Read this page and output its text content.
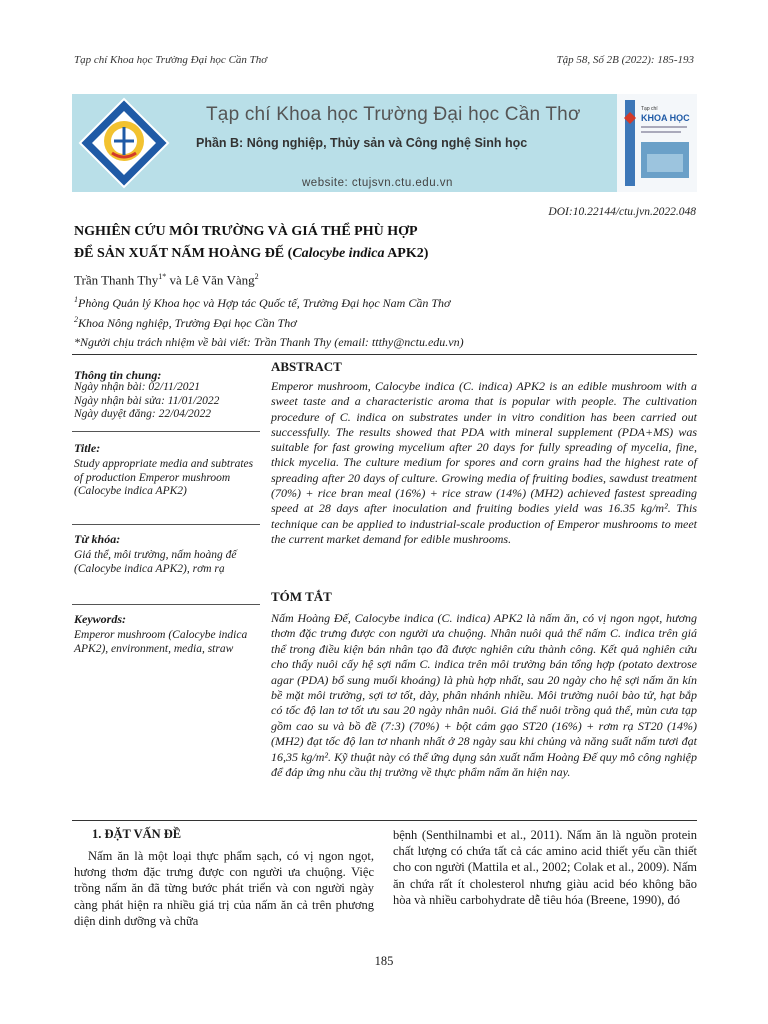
Tạp chí Khoa học Trường Đại học Cần Thơ	Tập 58, Số 2B (2022): 185-193
Tạp chí Khoa học Trường Đại học Cần Thơ
Phần B: Nông nghiệp, Thủy sản và Công nghệ Sinh học
website: ctujsvn.ctu.edu.vn
Tạp chí
KHOA HỌC
DOI:10.22144/ctu.jvn.2022.048
NGHIÊN CỨU MÔI TRƯỜNG VÀ GIÁ THỂ PHÙ HỢP
ĐỂ SẢN XUẤT NẤM HOÀNG ĐẾ (Calocybe indica APK2)
Trần Thanh Thy$^{1*}$ và Lê Văn Vàng$^2$
$^1$Phòng Quản lý Khoa học và Hợp tác Quốc tế, Trường Đại học Nam Cần Thơ
$^2$Khoa Nông nghiệp, Trường Đại học Cần Thơ
*Người chịu trách nhiệm về bài viết: Trần Thanh Thy (email: ttthy@nctu.edu.vn)
Thông tin chung:
Ngày nhận bài: 02/11/2021
Ngày nhận bài sửa: 11/01/2022
Ngày duyệt đăng: 22/04/2022
Title:
Study appropriate media and subtrates of production Emperor mushroom (Calocybe indica APK2)
Từ khóa:
Giá thể, môi trường, nấm hoàng đế (Calocybe indica APK2), rơm rạ
Keywords:
Emperor mushroom (Calocybe indica APK2), environment, media, straw
ABSTRACT
Emperor mushroom, Calocybe indica (C. indica) APK2 is an edible mushroom with a sweet taste and a characteristic aroma that is popular with people. The cultivation procedure of C. indica on substrates under in vitro condition has been carried out successfully. The results showed that PDA with mineral supplement (PDA+MS) was suitable for fast growing mycelium after 20 days for fully spreading of mycelia, fine, thick mycelia. The culture medium for spores and corn grains had the highest rate of spreading after 20 days of culture. Growing media of fruiting bodies, sawdust treatment (70%) + rice bran meal (16%) + rice straw (14%) (MH2) achieved fastest spreading speed at 28 days after inoculation and fruiting bodies yield was 16.35 kg/m². This technique can be applied to industrial-scale production of Emperor mushrooms to meet the current market demand for edible mushrooms.
TÓM TẮT
Nấm Hoàng Đế, Calocybe indica (C. indica) APK2 là nấm ăn, có vị ngon ngọt, hương thơm đặc trưng được con người ưa chuộng. Nhân nuôi quả thể nấm C. indica trên giá thể trong điều kiện bán nhân tạo đã được nghiên cứu thành công. Kết quả nghiên cứu cho thấy nuôi cấy hệ sợi nấm C. indica trên môi trường bán tổng hợp (potato dextrose agar (PDA) bổ sung muối khoáng) là phù hợp nhất, sau 20 ngày cho hệ sợi nấm ăn kín bề mặt môi trường, sợi tơ tốt, dày, phân nhánh nhiều. Môi trường nuôi bào tử, hạt bắp có tốc độ lan tơ tốt ưu sau 20 ngày nhân nuôi. Giá thể nuôi trồng quả thể, mùn cưa tạp gồm cao su và bồ đề (7:3) (70%) + bột cám gạo ST20 (16%) + rơm rạ ST20 (14%) (MH2) đạt tốc độ lan tơ nhanh nhất ở 28 ngày sau khi chủng và năng suất nấm tươi đạt 16,35 kg/m². Kỹ thuật này có thể ứng dụng sản xuất nấm Hoàng Đế quy mô công nghiệp để đáp ứng nhu cầu thị trường về thực phẩm nấm ăn hiện nay.
1. ĐẶT VẤN ĐỀ
Nấm ăn là một loại thực phẩm sạch, có vị ngon ngọt, hương thơm đặc trưng được con người ưa chuộng. Việc trồng nấm ăn đã từng bước phát triển và con người ngày càng phát hiện ra nhiều giá trị của nấm ăn cả trên phương diện dinh dưỡng và chữa
bệnh (Senthilnambi et al., 2011). Nấm ăn là nguồn protein chất lượng có chứa tất cả các amino acid thiết yếu cần thiết cho con người (Mattila et al., 2002; Colak et al., 2009). Nấm ăn chứa rất ít cholesterol nhưng giàu acid béo không bão hòa và nhiều carbohydrate dễ tiêu hóa (Breene, 1990), đó
185
